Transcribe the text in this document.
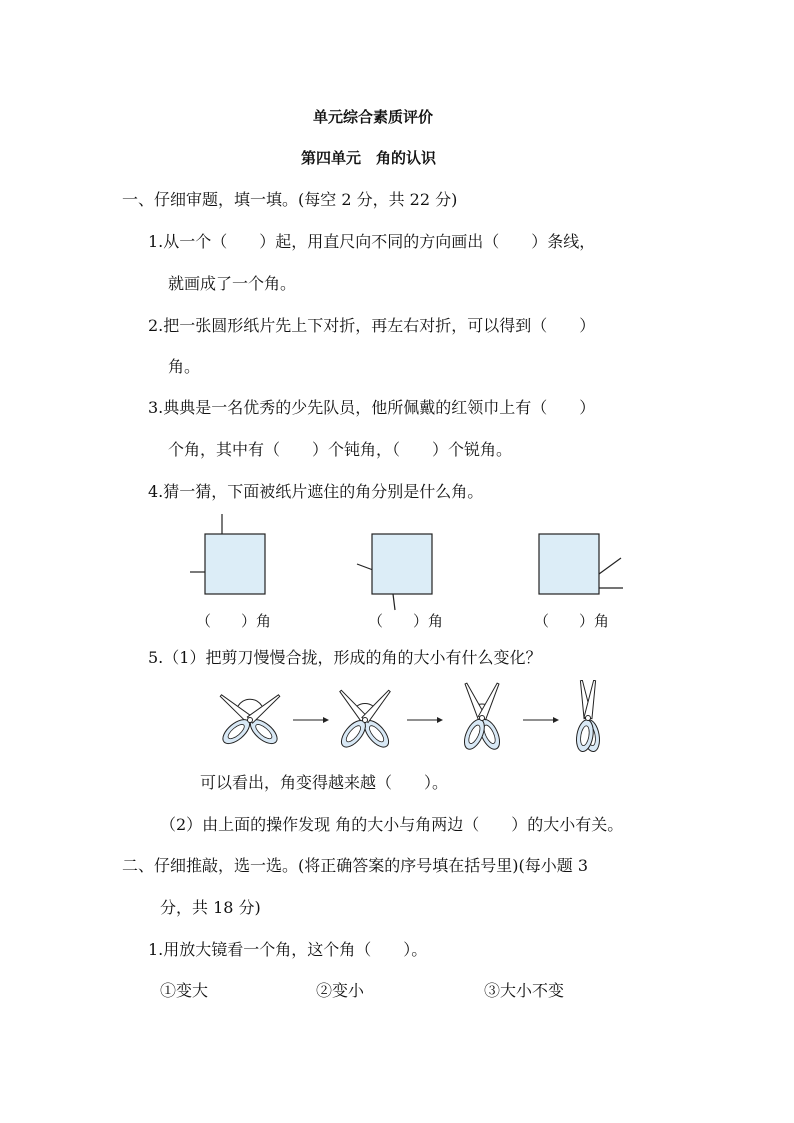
单元综合素质评价
第四单元　角的认识
一、仔细审题，填一填。(每空 2 分，共 22 分)
1.从一个（　　）起，用直尺向不同的方向画出（　　）条线，
就画成了一个角。
2.把一张圆形纸片先上下对折，再左右对折，可以得到（　　）
角。
3.典典是一名优秀的少先队员，他所佩戴的红领巾上有（　　）
个角，其中有（　　）个钝角，（　　）个锐角。
4.猜一猜，下面被纸片遮住的角分别是什么角。
（　　）角	（　　）角	（　　）角
5.（1）把剪刀慢慢合拢，形成的角的大小有什么变化？
可以看出，角变得越来越（　　）。
（2）由上面的操作发现 角的大小与角两边（　　）的大小有关。
二、仔细推敲，选一选。(将正确答案的序号填在括号里)(每小题 3
分，共 18 分)
1.用放大镜看一个角，这个角（　　）。
①变大	②变小	③大小不变
